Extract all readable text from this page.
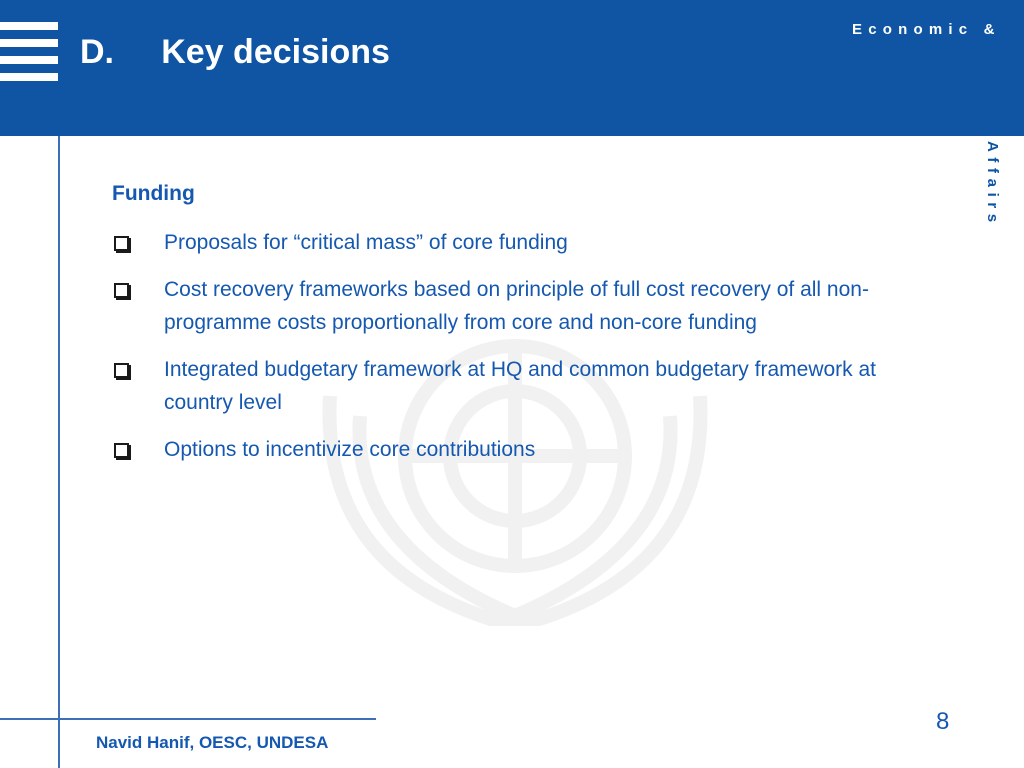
D.     Key decisions
Economic &
Social Affairs
Funding
Proposals for “critical mass” of core funding
Cost recovery frameworks based on principle of full cost recovery of all non-programme costs proportionally from core and non-core funding
Integrated budgetary framework at HQ and common budgetary framework at country level
Options to incentivize core contributions
Navid Hanif, OESC, UNDESA
8
